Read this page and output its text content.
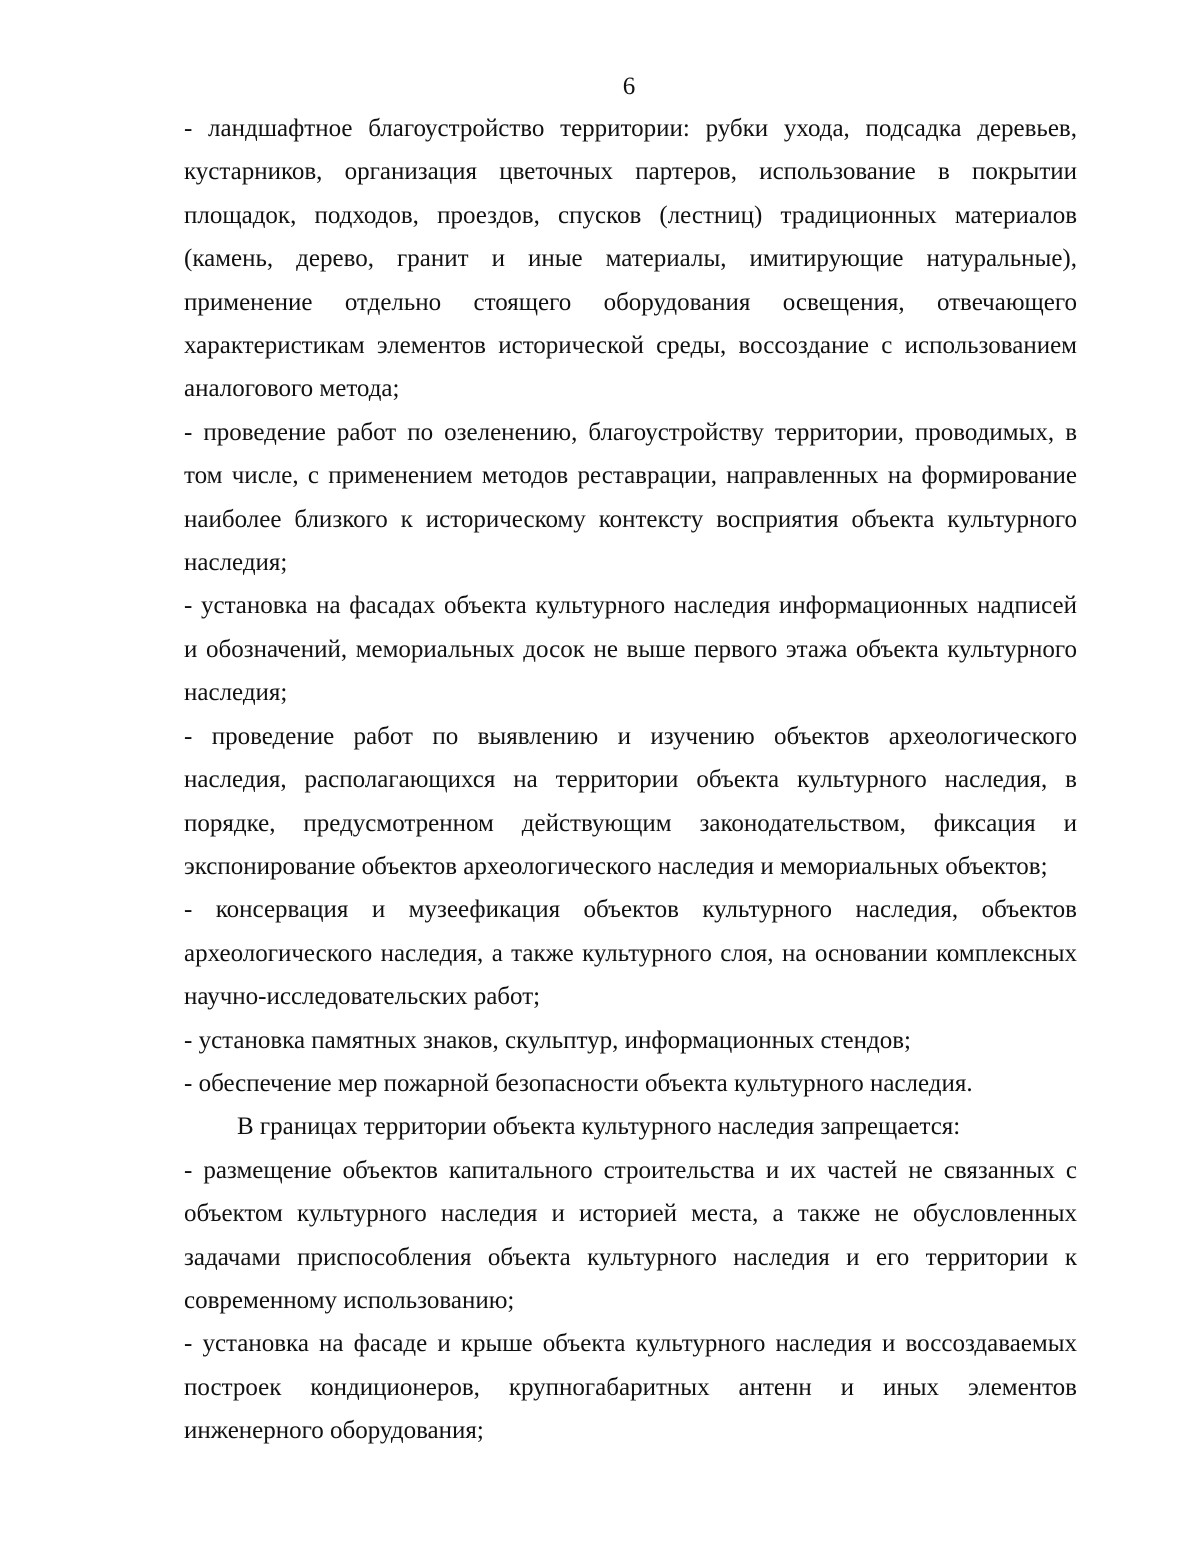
6

- ландшафтное благоустройство территории: рубки ухода, подсадка деревьев, кустарников, организация цветочных партеров, использование в покрытии площадок, подходов, проездов, спусков (лестниц) традиционных материалов (камень, дерево, гранит и иные материалы, имитирующие натуральные), применение отдельно стоящего оборудования освещения, отвечающего характеристикам элементов исторической среды, воссоздание с использованием аналогового метода;

- проведение работ по озеленению, благоустройству территории, проводимых, в том числе, с применением методов реставрации, направленных на формирование наиболее близкого к историческому контексту восприятия объекта культурного наследия;

- установка на фасадах объекта культурного наследия информационных надписей и обозначений, мемориальных досок не выше первого этажа объекта культурного наследия;

- проведение работ по выявлению и изучению объектов археологического наследия, располагающихся на территории объекта культурного наследия, в порядке, предусмотренном действующим законодательством, фиксация и экспонирование объектов археологического наследия и мемориальных объектов;

- консервация и музеефикация объектов культурного наследия, объектов археологического наследия, а также культурного слоя, на основании комплексных научно-исследовательских работ;

- установка памятных знаков, скульптур, информационных стендов;

- обеспечение мер пожарной безопасности объекта культурного наследия.

В границах территории объекта культурного наследия запрещается:

- размещение объектов капитального строительства и их частей не связанных с объектом культурного наследия и историей места, а также не обусловленных задачами приспособления объекта культурного наследия и его территории к современному использованию;

- установка на фасаде и крыше объекта культурного наследия и воссоздаваемых построек кондиционеров, крупногабаритных антенн и иных элементов инженерного оборудования;
